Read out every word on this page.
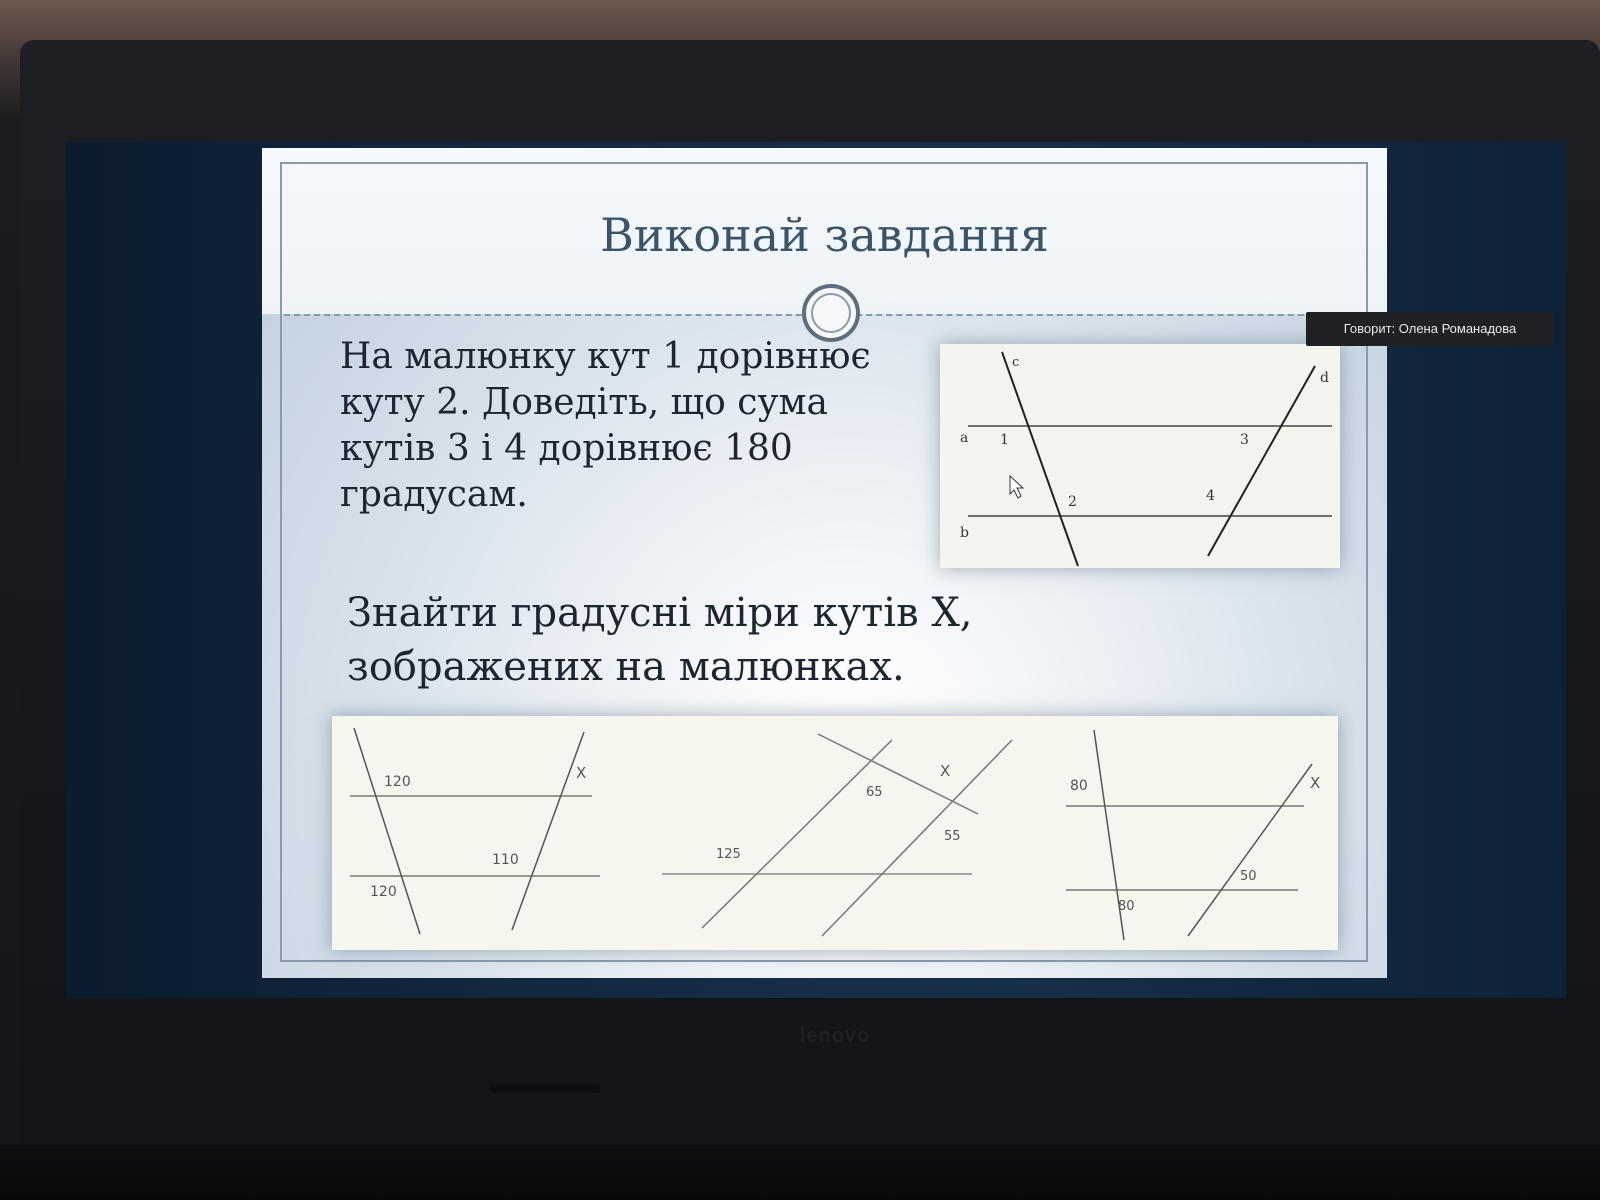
Виконай завдання
На малюнку кут 1 дорівнює
куту 2. Доведіть, що сума
кутів 3 і 4 дорівнює 180
градусам.
c
d
a
b
1
2
3
4
Знайти градусні міри кутів X,
зображених на малюнках.
120	X
110
120
65
X
55
125
80	X
50
80
Говорит: Олена Романадова
lenovo
